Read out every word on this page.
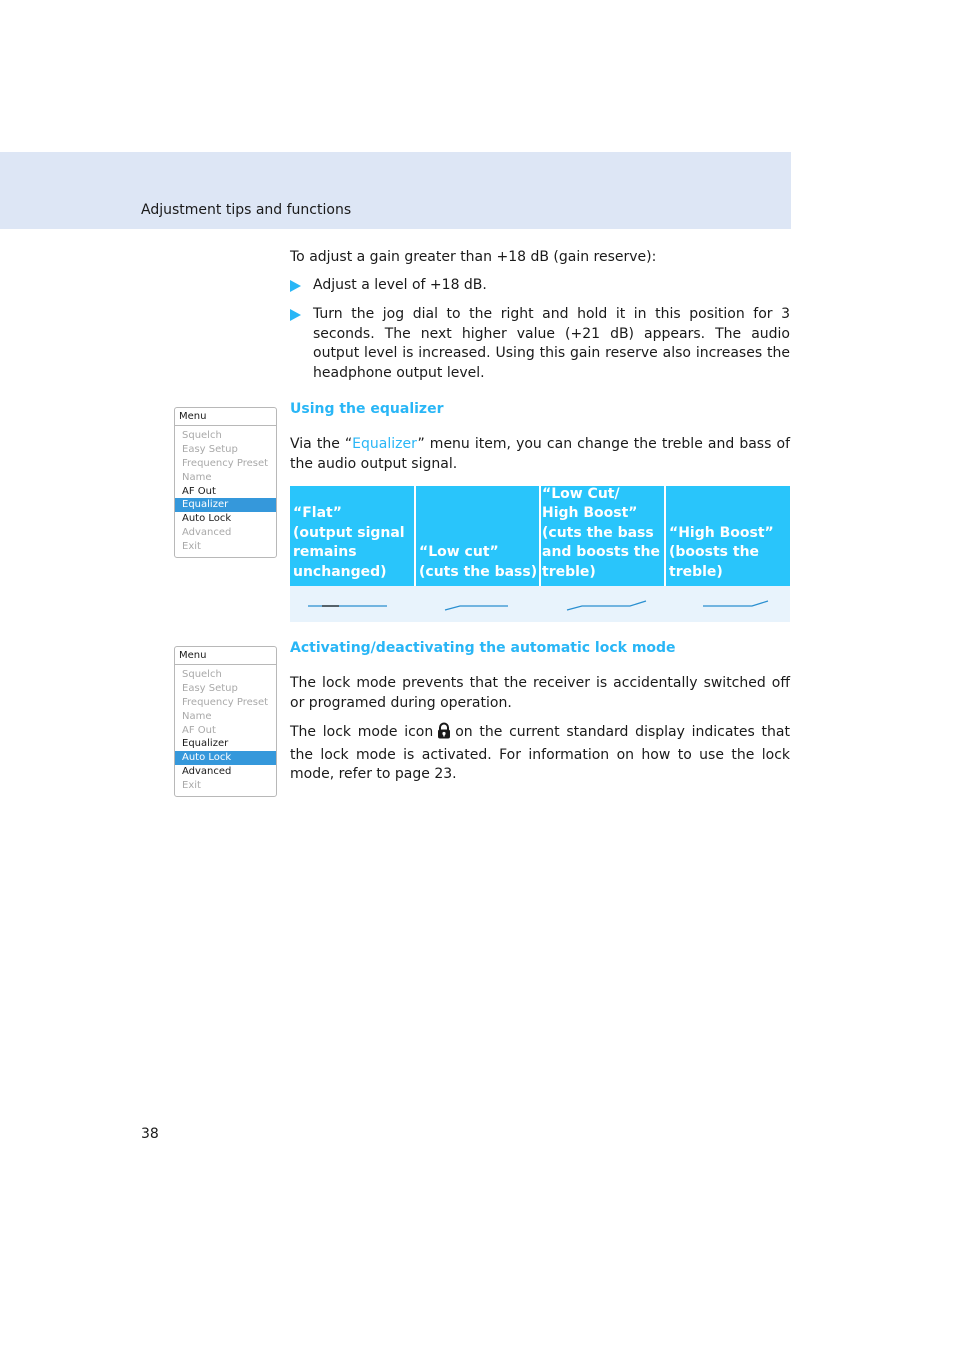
Adjustment tips and functions
To adjust a gain greater than +18 dB (gain reserve):
Adjust a level of +18 dB.
Turn the jog dial to the right and hold it in this position for 3 seconds. The next higher value (+21 dB) appears. The audio output level is increased. Using this gain reserve also increases the headphone output level.
Menu
Squelch
Easy Setup
Frequency Preset
Name
AF Out
Equalizer
Auto Lock
Advanced
Exit
Using the equalizer
Via the “Equalizer” menu item, you can change the treble and bass of the audio output signal.
“Flat”
(output signal
remains
unchanged)
“Low cut”
(cuts the bass)
“Low Cut/
High Boost”
(cuts the bass
and boosts the
treble)
“High Boost”
(boosts the
treble)
Menu
Squelch
Easy Setup
Frequency Preset
Name
AF Out
Equalizer
Auto Lock
Advanced
Exit
Activating/deactivating the automatic lock mode
The lock mode prevents that the receiver is accidentally switched off or programed during operation.
The lock mode icon on the current standard display indicates that the lock mode is activated. For information on how to use the lock mode, refer to page 23.
38
